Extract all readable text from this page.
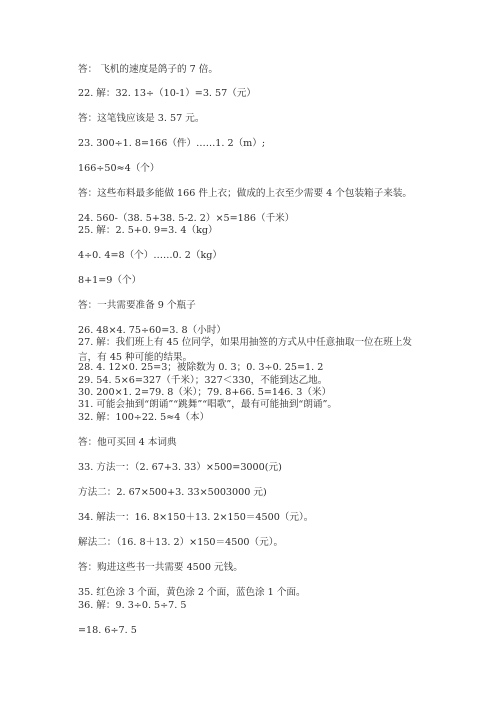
答： 飞机的速度是鸽子的 7 倍。
22. 解：32. 13÷（10-1）=3. 57（元）
答：这笔钱应该是 3. 57 元。
23. 300÷1. 8=166（件）……1. 2（m）;
166÷50≈4（个）
答：这些布料最多能做 166 件上衣；做成的上衣至少需要 4 个包装箱子来装。
24. 560-（38. 5+38. 5-2. 2）×5=186（千米）
25. 解：2. 5+0. 9=3. 4（kg）
4÷0. 4=8（个）……0. 2（kg）
8+1=9（个）
答：一共需要准备 9 个瓶子
26. 48×4. 75÷60=3. 8（小时）
27. 解：我们班上有 45 位同学，如果用抽签的方式从中任意抽取一位在班上发言，有 45 种可能的结果。
28. 4. 12×0. 25=3；被除数为 0. 3；0. 3÷0. 25=1. 2
29. 54. 5×6=327（千米）；327＜330，不能到达乙地。
30. 200×1. 2=79. 8（米）；79. 8+66. 5=146. 3（米）
31. 可能会抽到“朗诵”“跳舞”“唱歌”，最有可能抽到“朗诵”。
32. 解：100÷22. 5≈4（本）
答：他可买回 4 本词典
33. 方法一：（2. 67+3. 33）×500=3000(元)
方法二：2. 67×500+3. 33×5003000 元)
34. 解法一：16. 8×150＋13. 2×150＝4500（元）。
解法二：（16. 8＋13. 2）×150＝4500（元）。
答：购进这些书一共需要 4500 元钱。
35. 红色涂 3 个面，黄色涂 2 个面，蓝色涂 1 个面。
36. 解：9. 3÷0. 5÷7. 5
=18. 6÷7. 5
